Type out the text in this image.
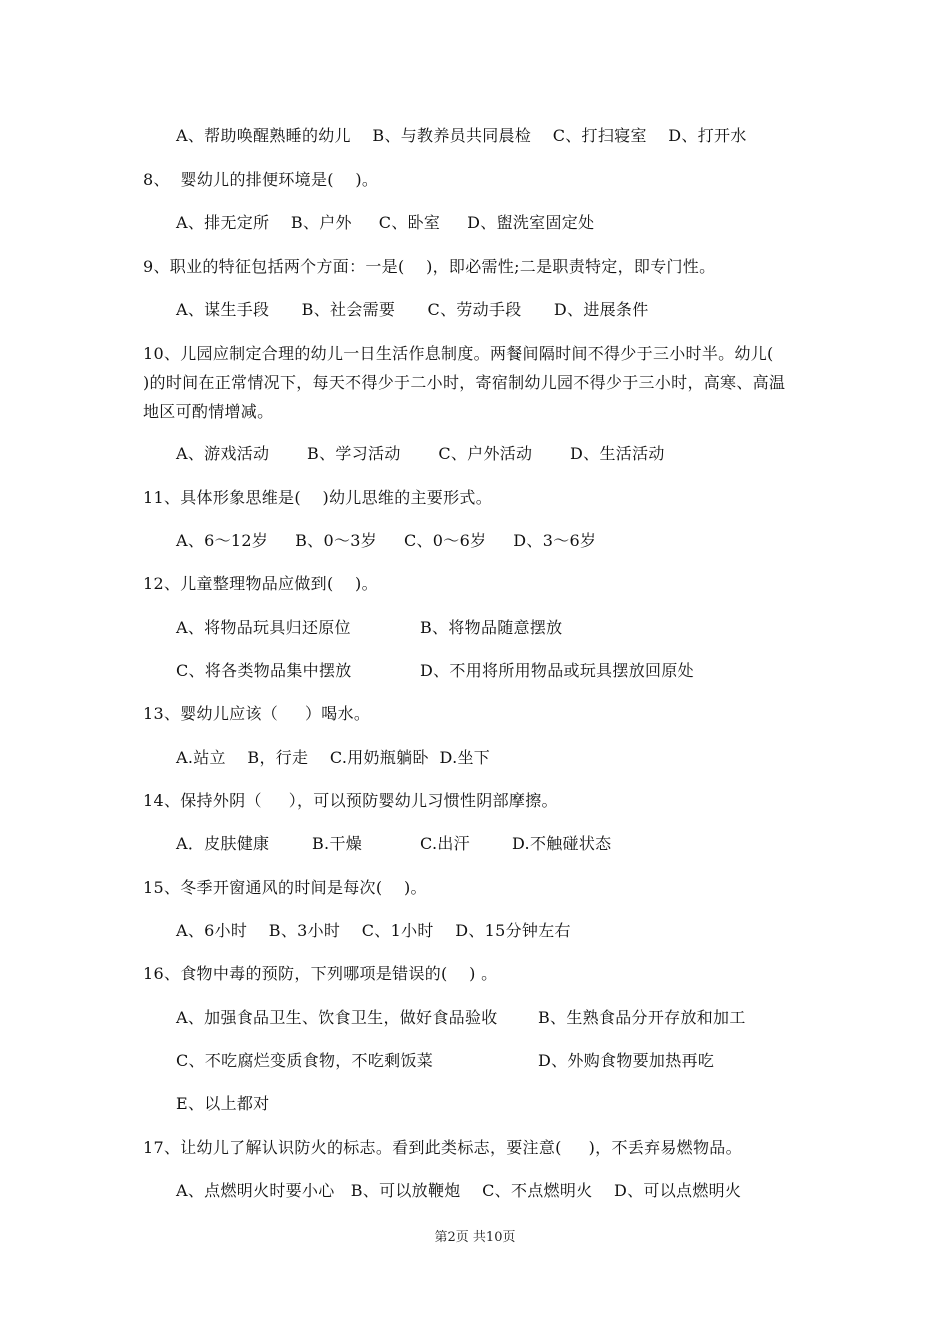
A、帮助唤醒熟睡的幼儿    B、与教养员共同晨检    C、打扫寝室    D、打开水
8、  婴幼儿的排便环境是(    )。
A、排无定所    B、户外     C、卧室     D、盥洗室固定处
9、职业的特征包括两个方面：一是(    )，即必需性;二是职责特定，即专门性。
A、谋生手段      B、社会需要      C、劳动手段      D、进展条件
10、儿园应制定合理的幼儿一日生活作息制度。两餐间隔时间不得少于三小时半。幼儿(
)的时间在正常情况下，每天不得少于二小时，寄宿制幼儿园不得少于三小时，高寒、高温
地区可酌情增减。
A、游戏活动       B、学习活动       C、户外活动       D、生活活动
11、具体形象思维是(    )幼儿思维的主要形式。
A、6～12岁     B、0～3岁     C、0～6岁     D、3～6岁
12、儿童整理物品应做到(    )。
A、将物品玩具归还原位	B、将物品随意摆放
C、将各类物品集中摆放	D、不用将所用物品或玩具摆放回原处
13、婴幼儿应该（     ）喝水。
A.站立    B，行走    C.用奶瓶躺卧  D.坐下
14、保持外阴（     ），可以预防婴幼儿习惯性阴部摩擦。
A．皮肤健康	B.干燥	C.出汗	D.不触碰状态
15、冬季开窗通风的时间是每次(    )。
A、6小时    B、3小时    C、1小时    D、15分钟左右
16、食物中毒的预防，下列哪项是错误的(    ) 。
A、加强食品卫生、饮食卫生，做好食品验收	B、生熟食品分开存放和加工
C、不吃腐烂变质食物，不吃剩饭菜	D、外购食物要加热再吃
E、以上都对
17、让幼儿了解认识防火的标志。看到此类标志，要注意(     )，不丢弃易燃物品。
A、点燃明火时要小心   B、可以放鞭炮    C、不点燃明火    D、可以点燃明火
第2页 共10页
